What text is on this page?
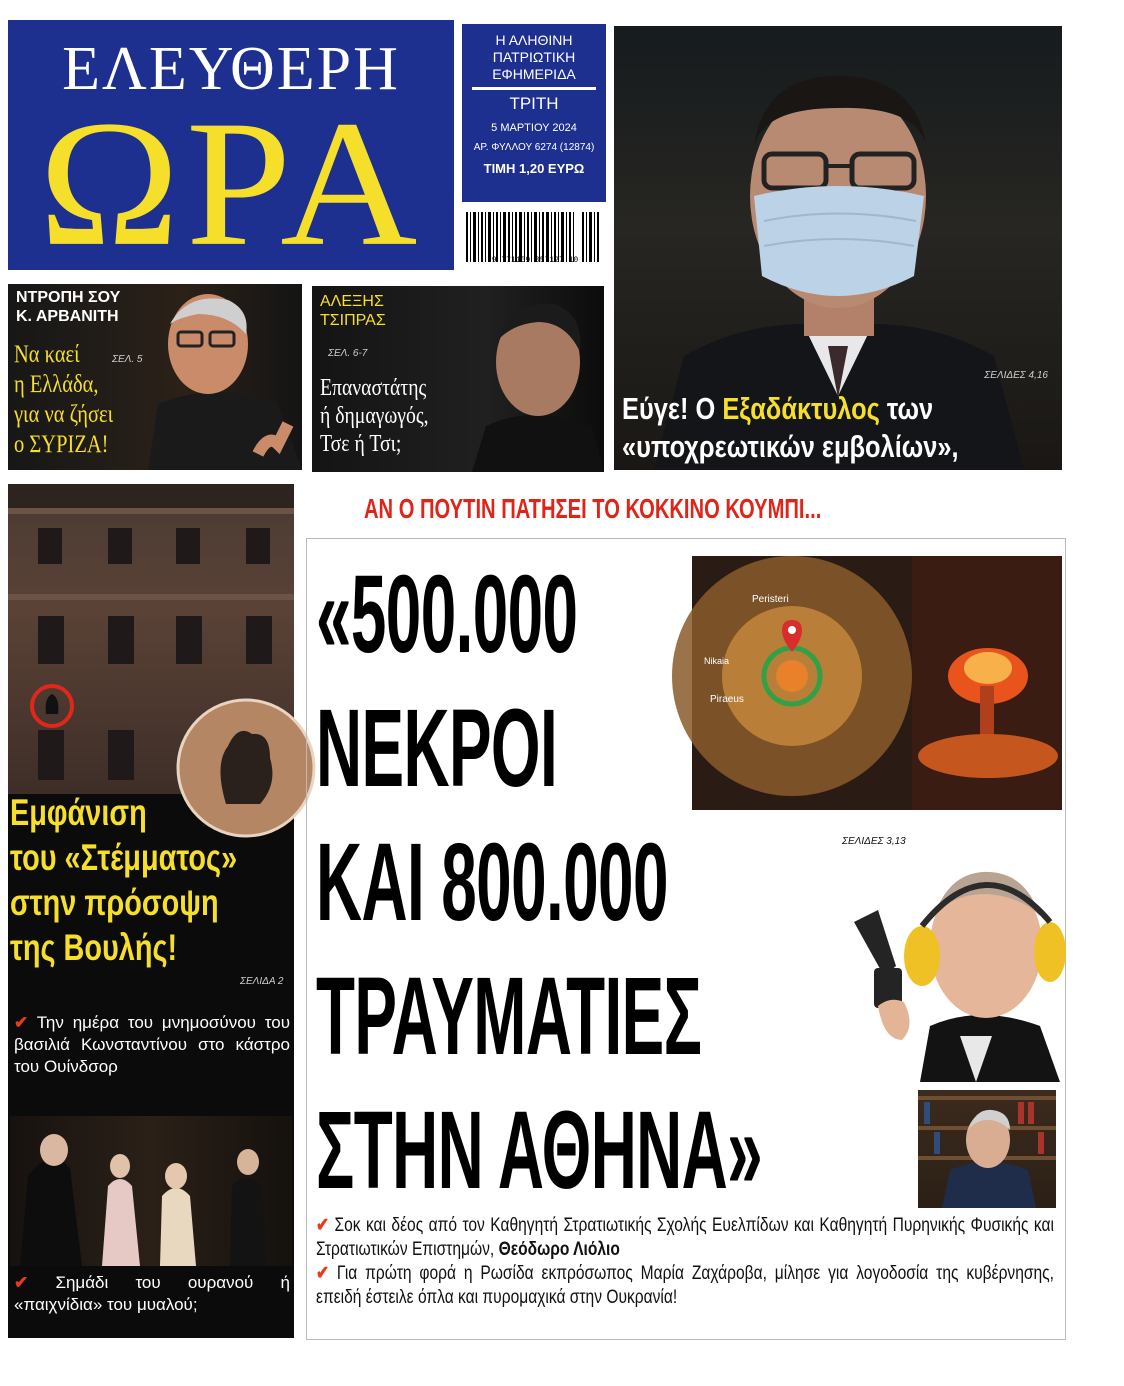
ΕΛΕΥΘΕΡΗ
ΩΡΑ
Η ΑΛΗΘΙΝΗ
ΠΑΤΡΙΩΤΙΚΗ
ΕΦΗΜΕΡΙΔΑ
ΤΡΙΤΗ
5 ΜΑΡΤΙΟΥ 2024
ΑΡ. ΦΥΛΛΟΥ 6274 (12874)
ΤΙΜΗ 1,20 ΕΥΡΩ
9 771109 057127 10
ΣΕΛΙΔΕΣ 4,16
Εύγε! Ο Εξαδάκτυλος των «υποχρεωτικών εμβολίων», υποψήφιος Ευρωβουλευτής της ΝΔ
ΝΤΡΟΠΗ ΣΟΥ
Κ. ΑΡΒΑΝΙΤΗ
ΣΕΛ. 5
Να καεί
η Ελλάδα,
για να ζήσει
ο ΣΥΡΙΖΑ!
ΑΛΕΞΗΣ
ΤΣΙΠΡΑΣ
ΣΕΛ. 6-7
Επαναστάτης
ή δημαγωγός,
Τσε ή Τσι;
Εμφάνιση
του «Στέμματος»
στην πρόσοψη
της Βουλής!
ΣΕΛΙΔΑ 2
✔ Την ημέρα του μνημοσύνου του βασιλιά Κωνσταντίνου στο κάστρο του Ουίνδσορ
✔ Σημάδι του ουρανού ή «παιχνίδια» του μυαλού;
ΑΝ Ο ΠΟΥΤΙΝ ΠΑΤΗΣΕΙ ΤΟ ΚΟΚΚΙΝΟ ΚΟΥΜΠΙ...
«500.000
ΝΕΚΡΟΙ
ΚΑΙ 800.000
ΤΡΑΥΜΑΤΙΕΣ
ΣΤΗΝ ΑΘΗΝΑ»
Peristeri
Piraeus
Nikaia
ΣΕΛΙΔΕΣ 3,13
✔ Σοκ και δέος από τον Καθηγητή Στρατιωτικής Σχολής Ευελπίδων και Καθηγητή Πυρηνικής Φυσικής και Στρατιωτικών Επιστημών, Θεόδωρο Λιόλιο
✔ Για πρώτη φορά η Ρωσίδα εκπρόσωπος Μαρία Ζαχάροβα, μίλησε για λογοδοσία της κυβέρνησης, επειδή έστειλε όπλα και πυρομαχικά στην Ουκρανία!
